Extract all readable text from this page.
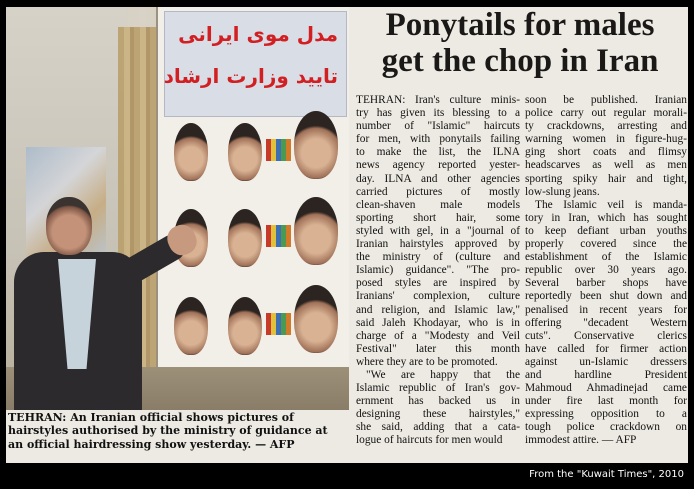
مدل موی ایرانی
تایید وزارت ارشاد
TEHRAN: An Iranian official shows pictures of
hairstyles authorised by the ministry of guidance at
an official hairdressing show yesterday. — AFP
Ponytails for males
get the chop in Iran
TEHRAN: Iran's culture minis-
try has given its blessing to a
number of "Islamic" haircuts
for men, with ponytails failing
to make the list, the ILNA
news agency reported yester-
day. ILNA and other agencies
carried pictures of mostly
clean-shaven male models
sporting short hair, some
styled with gel, in a "journal of
Iranian hairstyles approved by
the ministry of (culture and
Islamic) guidance". "The pro-
posed styles are inspired by
Iranians' complexion, culture
and religion, and Islamic law,"
said Jaleh Khodayar, who is in
charge of a "Modesty and Veil
Festival" later this month
where they are to be promoted.
"We are happy that the
Islamic republic of Iran's gov-
ernment has backed us in
designing these hairstyles,"
she said, adding that a cata-
logue of haircuts for men would
soon be published. Iranian
police carry out regular morali-
ty crackdowns, arresting and
warning women in figure-hug-
ging short coats and flimsy
headscarves as well as men
sporting spiky hair and tight,
low-slung jeans.
The Islamic veil is manda-
tory in Iran, which has sought
to keep defiant urban youths
properly covered since the
establishment of the Islamic
republic over 30 years ago.
Several barber shops have
reportedly been shut down and
penalised in recent years for
offering "decadent Western
cuts". Conservative clerics
have called for firmer action
against un-Islamic dressers
and hardline President
Mahmoud Ahmadinejad came
under fire last month for
expressing opposition to a
tough police crackdown on
immodest attire. — AFP
From the "Kuwait Times", 2010
